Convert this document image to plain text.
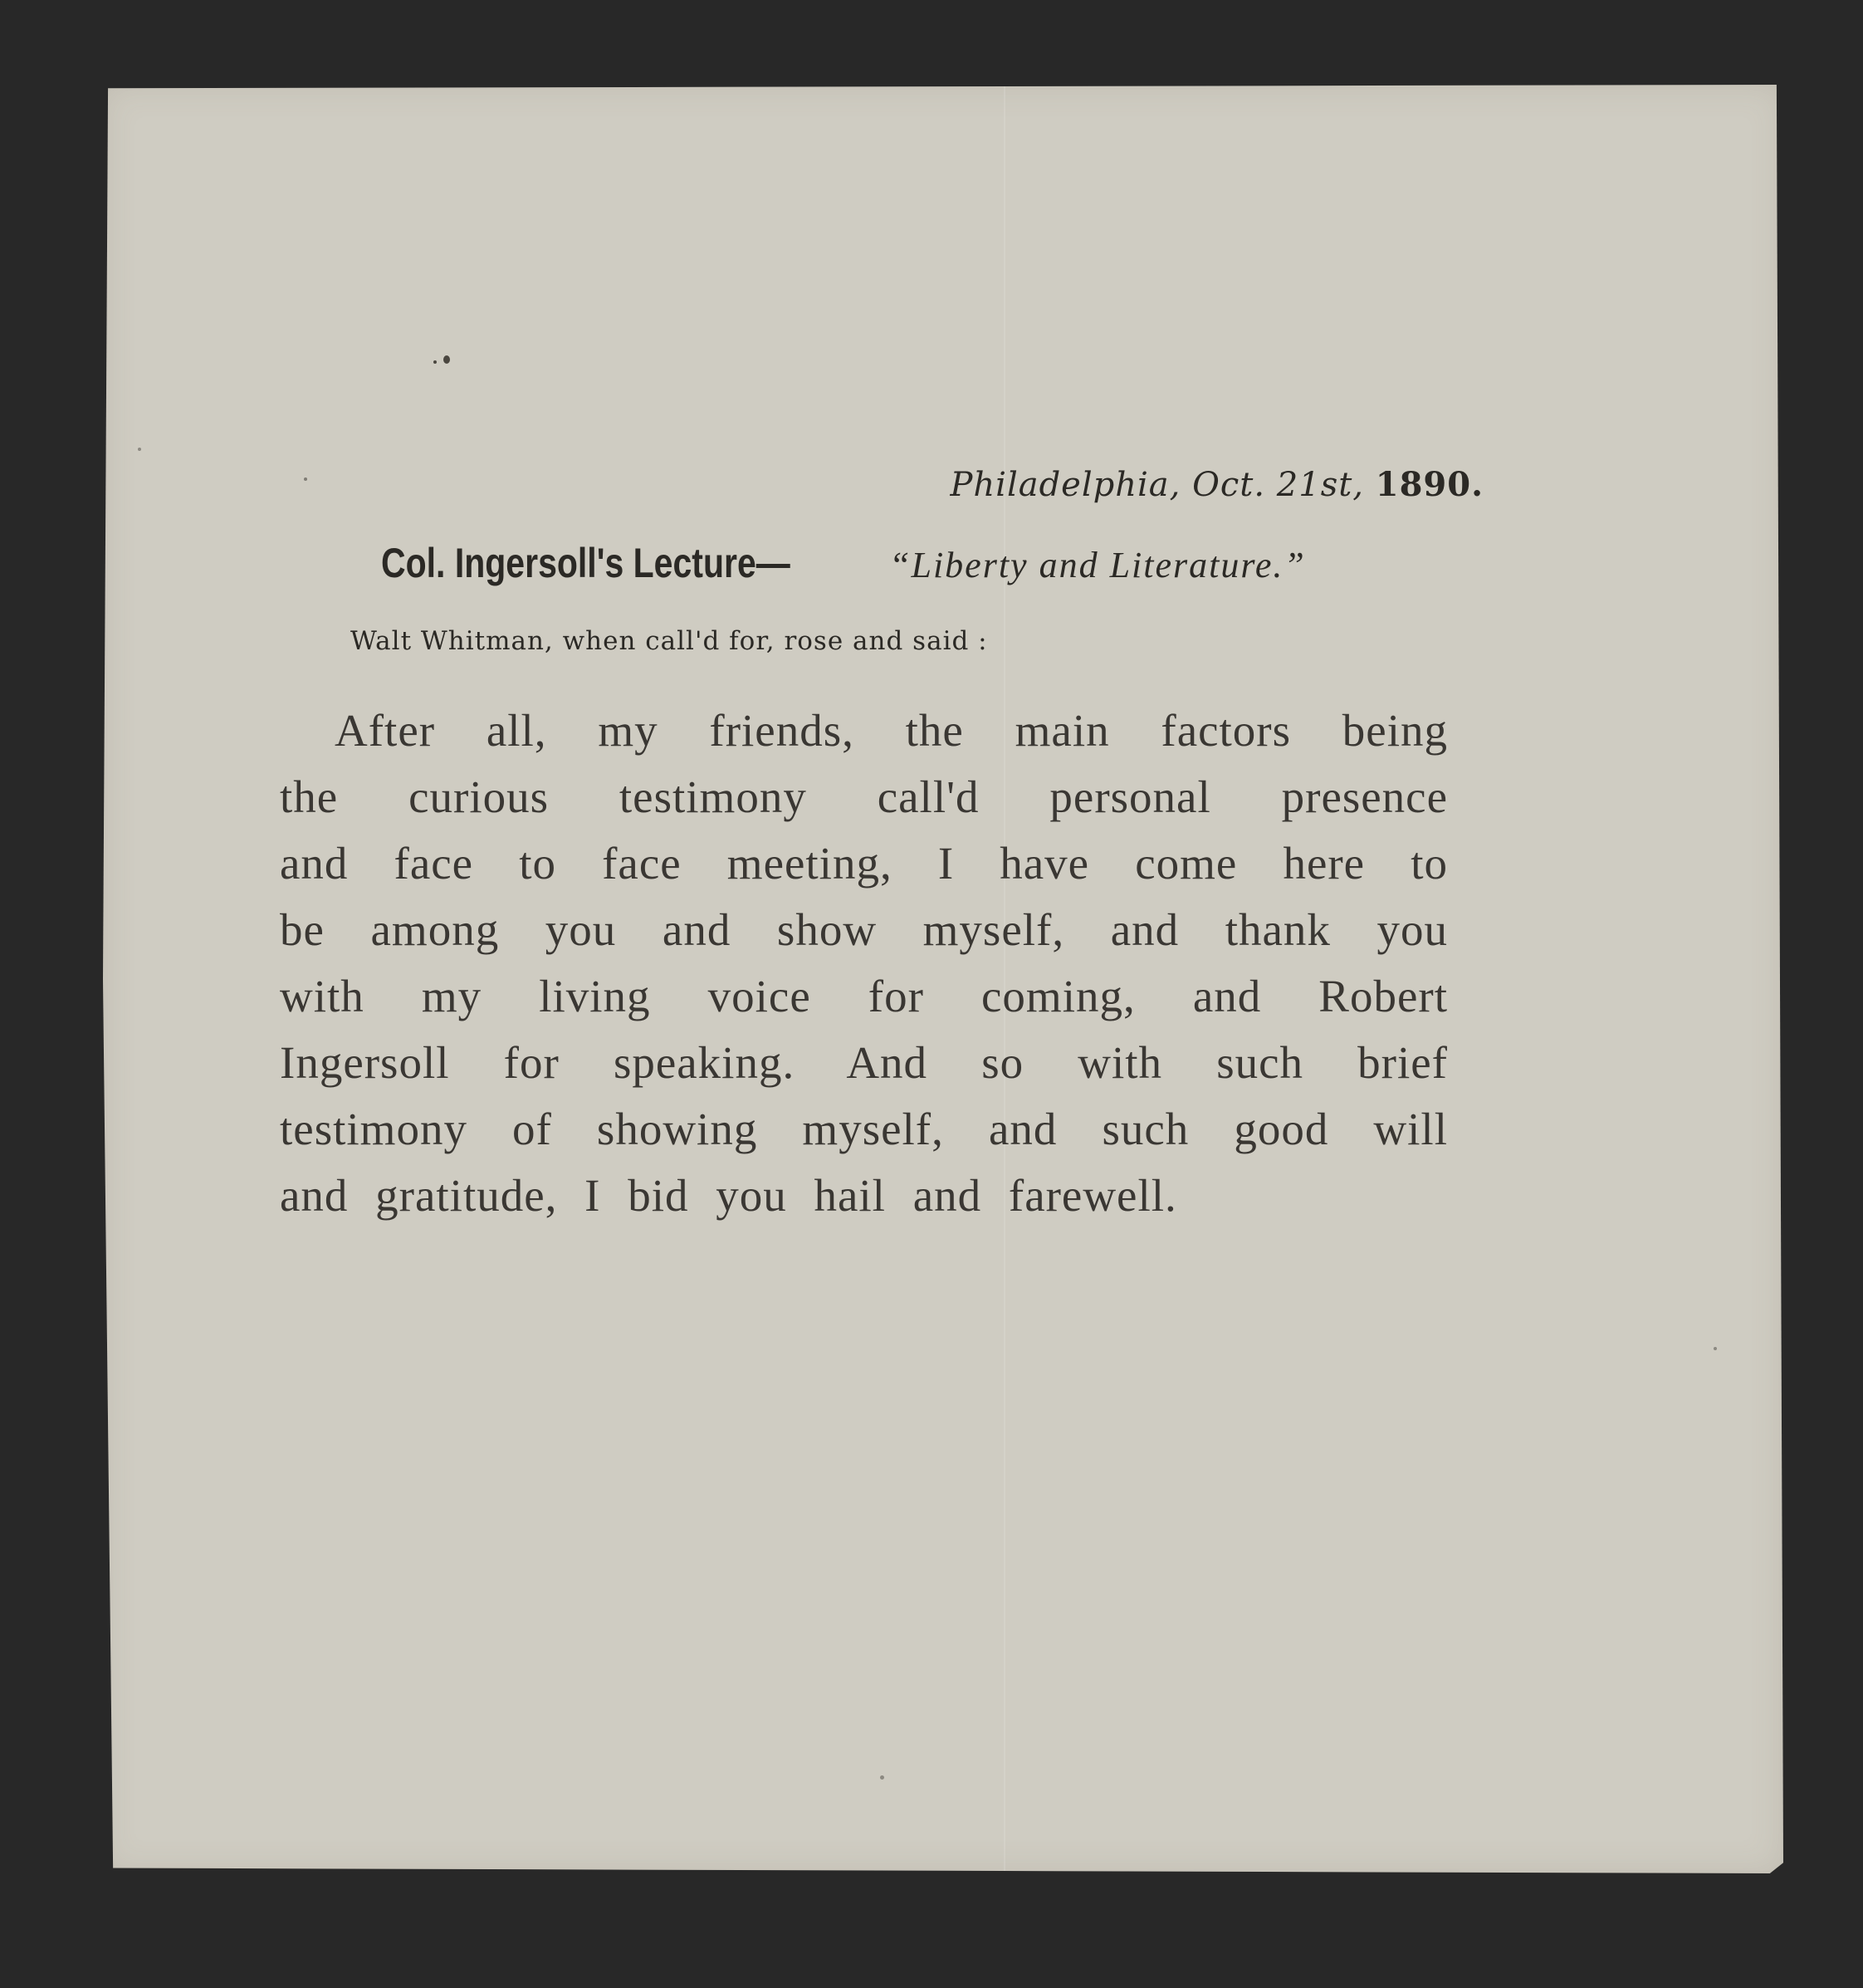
Philadelphia, Oct. 21st, 1890.
Col. Ingersoll's Lecture—	“Liberty and Literature.”
Walt Whitman, when call'd for, rose and said :
After all, my friends, the main factors being
the curious testimony call'd personal presence
and face to face meeting, I have come here to
be among you and show myself, and thank you
with my living voice for coming, and Robert
Ingersoll for speaking. And so with such brief
testimony of showing myself, and such good will
and gratitude, I bid you hail and farewell.
